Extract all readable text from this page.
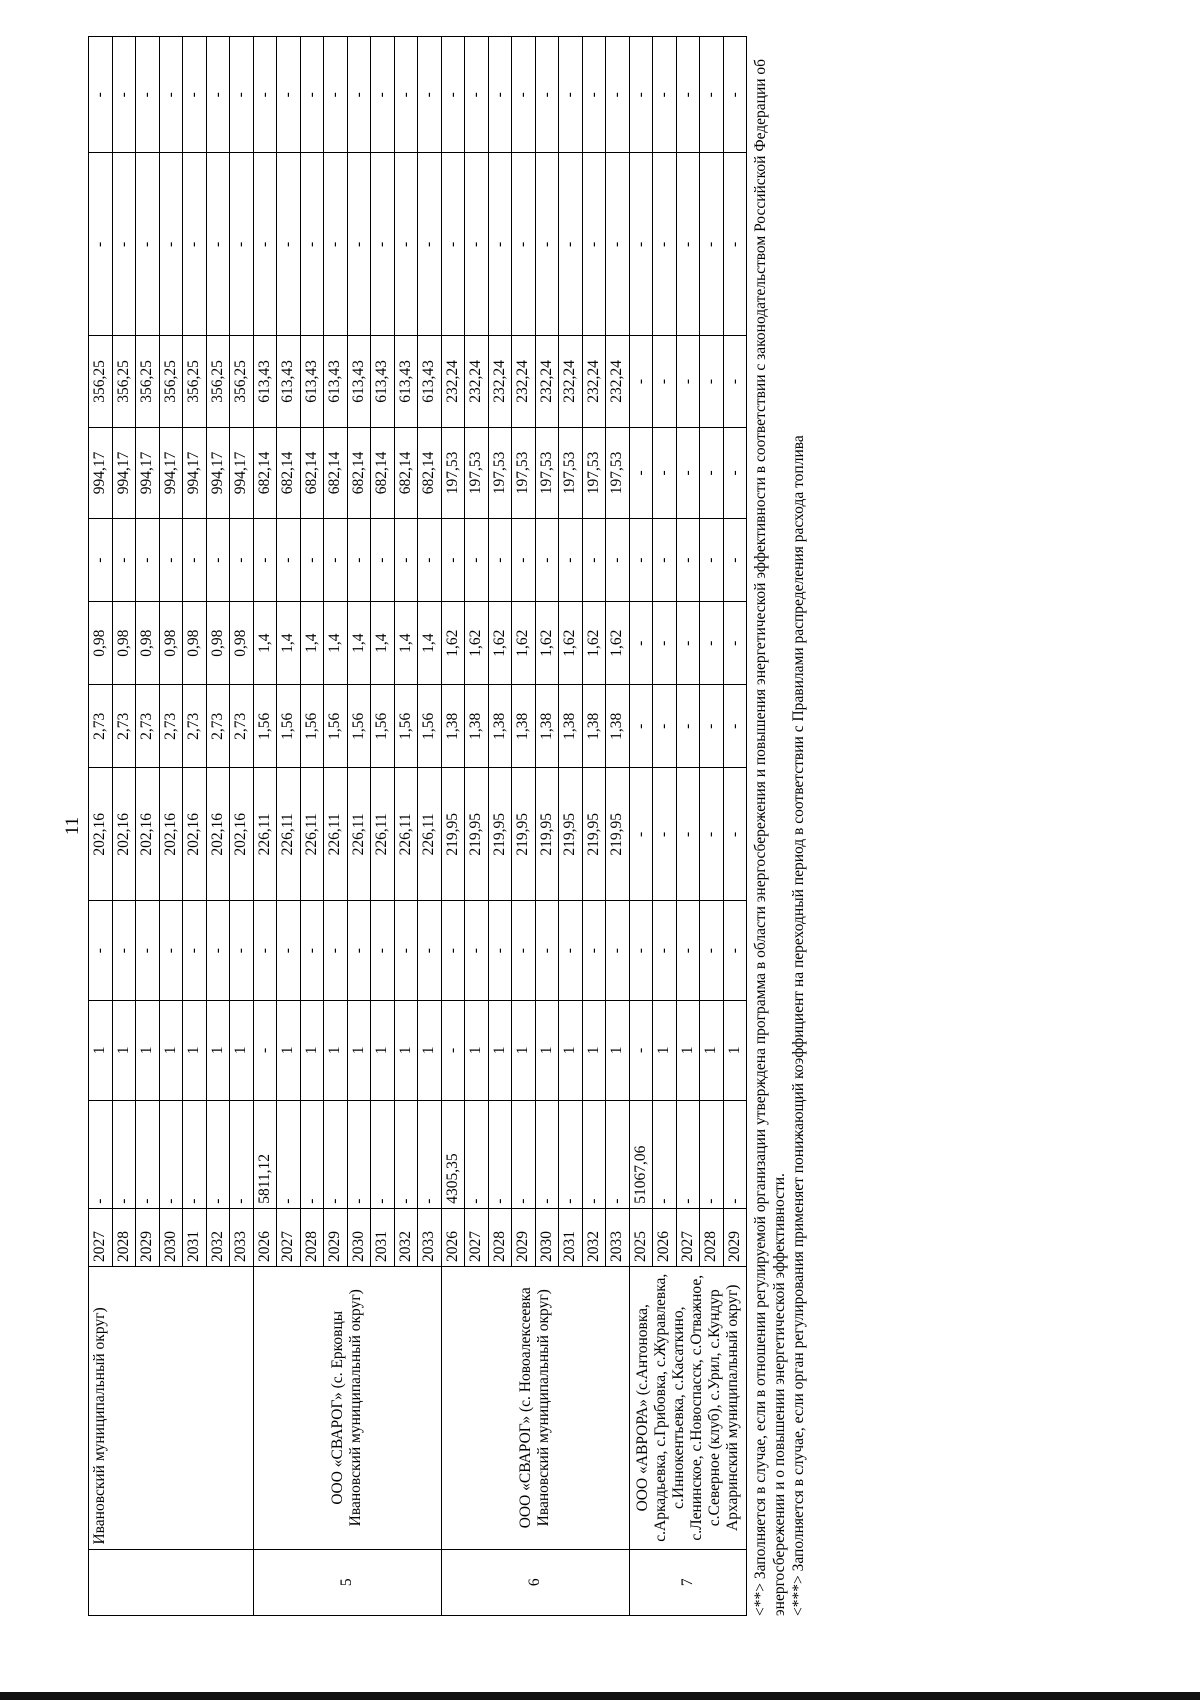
11
	Ивановский муниципальный округ)	2027	-	1	-	202,16	2,73	0,98	-	994,17	356,25	-	-
		2028	-	1	-	202,16	2,73	0,98	-	994,17	356,25	-	-
		2029	-	1	-	202,16	2,73	0,98	-	994,17	356,25	-	-
		2030	-	1	-	202,16	2,73	0,98	-	994,17	356,25	-	-
		2031	-	1	-	202,16	2,73	0,98	-	994,17	356,25	-	-
		2032	-	1	-	202,16	2,73	0,98	-	994,17	356,25	-	-
		2033	-	1	-	202,16	2,73	0,98	-	994,17	356,25	-	-
5	ООО «СВАРОГ» (с. Ерковцы Ивановский муниципальный округ)	2026	5811,12	-	-	226,11	1,56	1,4	-	682,14	613,43	-	-
		2027	-	1	-	226,11	1,56	1,4	-	682,14	613,43	-	-
		2028	-	1	-	226,11	1,56	1,4	-	682,14	613,43	-	-
		2029	-	1	-	226,11	1,56	1,4	-	682,14	613,43	-	-
		2030	-	1	-	226,11	1,56	1,4	-	682,14	613,43	-	-
		2031	-	1	-	226,11	1,56	1,4	-	682,14	613,43	-	-
		2032	-	1	-	226,11	1,56	1,4	-	682,14	613,43	-	-
		2033	-	1	-	226,11	1,56	1,4	-	682,14	613,43	-	-
6	ООО «СВАРОГ» (с. Новоалексеевка Ивановский муниципальный округ)	2026	4305,35	-	-	219,95	1,38	1,62	-	197,53	232,24	-	-
		2027	-	1	-	219,95	1,38	1,62	-	197,53	232,24	-	-
		2028	-	1	-	219,95	1,38	1,62	-	197,53	232,24	-	-
		2029	-	1	-	219,95	1,38	1,62	-	197,53	232,24	-	-
		2030	-	1	-	219,95	1,38	1,62	-	197,53	232,24	-	-
		2031	-	1	-	219,95	1,38	1,62	-	197,53	232,24	-	-
		2032	-	1	-	219,95	1,38	1,62	-	197,53	232,24	-	-
		2033	-	1	-	219,95	1,38	1,62	-	197,53	232,24	-	-
7	ООО «АВРОРА» (с.Антоновка, с.Аркадьевка, с.Грибовка, с.Журавлевка, с.Иннокентьевка, с.Касаткино, с.Ленинское, с.Новоспасск, с.Отважное, с.Северное (клуб), с.Урил, с.Кундур Архаринский муниципальный округ)	2025	51067,06	-	-	-	-	-	-	-	-	-	-
		2026	-	1	-	-	-	-	-	-	-	-	-
		2027	-	1	-	-	-	-	-	-	-	-	-
		2028	-	1	-	-	-	-	-	-	-	-	-
		2029	-	1	-	-	-	-	-	-	-	-	- <**> Заполняется в случае, если в отношении регулируемой организации утверждена программа в области энергосбережения и повышения энергетической эффективности в соответствии с законодательством Российской Федерации об энергосбережении и о повышении энергетической эффективности. <***> Заполняется в случае, если орган регулирования применяет понижающий коэффициент на переходный период в соответствии с Правилами распределения расхода топлива
